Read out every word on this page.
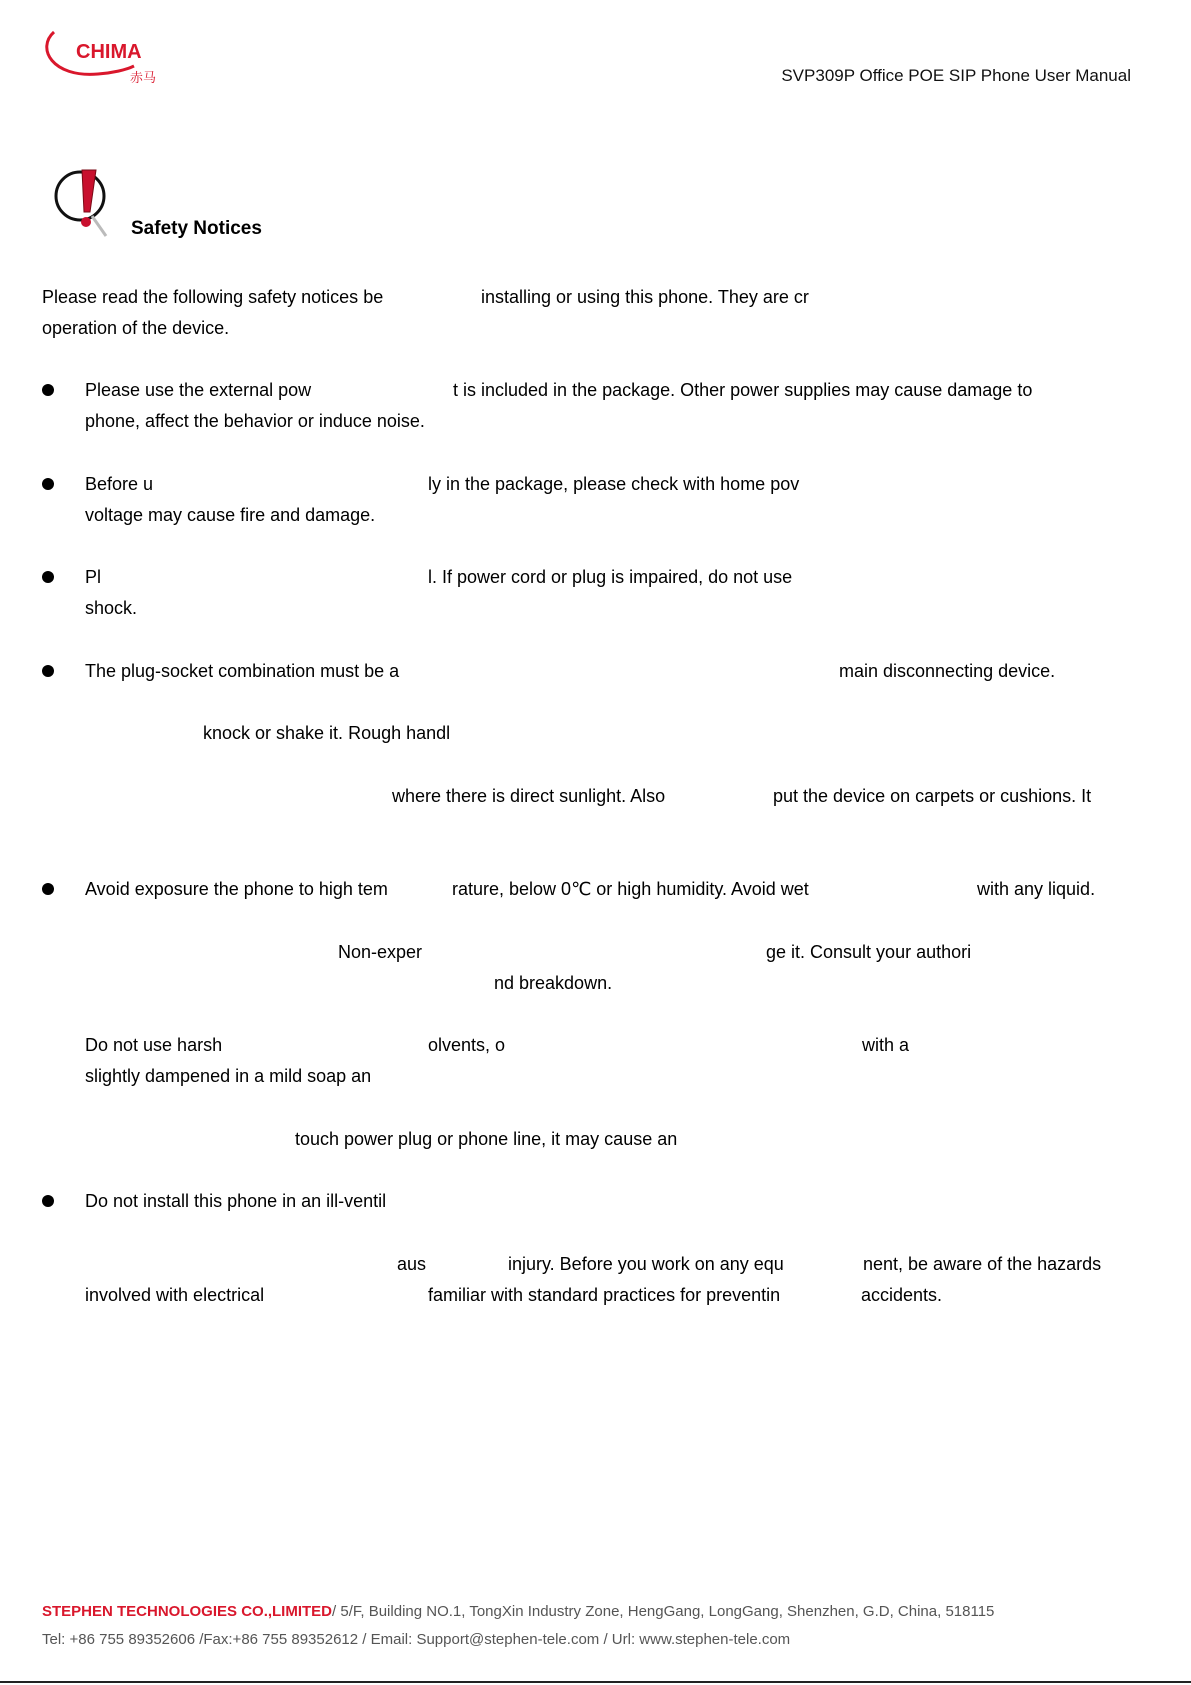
CHIMA
赤马	SVP309P Office POE SIP Phone User Manual
Safety Notices
Please read the following safety notices be	installing or using this phone. They are cr
operation of the device.
Please use the external pow	t is included in the package. Other power supplies may cause damage to
phone, affect the behavior or induce noise.
Before u	ly in the package, please check with home pov
voltage may cause fire and damage.
Pl	l. If power cord or plug is impaired, do not use
shock.
The plug-socket combination must be a	main disconnecting device.
knock or shake it. Rough handl
where there is direct sunlight. Also	put the device on carpets or cushions. It
Avoid exposure the phone to high tem	rature, below 0℃ or high humidity. Avoid wet	with any liquid.
Non-exper	ge it. Consult your authori
nd breakdown.
Do not use harsh	olvents, o	with a
slightly dampened in a mild soap an
touch power plug or phone line, it may cause an
Do not install this phone in an ill-ventil
aus	injury. Before you work on any equ	nent, be aware of the hazards
involved with electrical	familiar with standard practices for preventin	accidents.
STEPHEN TECHNOLOGIES CO.,LIMITED/ 5/F, Building NO.1, TongXin Industry Zone, HengGang, LongGang, Shenzhen, G.D, China, 518115
Tel: +86 755 89352606 /Fax:+86 755 89352612 / Email: Support@stephen-tele.com / Url: www.stephen-tele.com
